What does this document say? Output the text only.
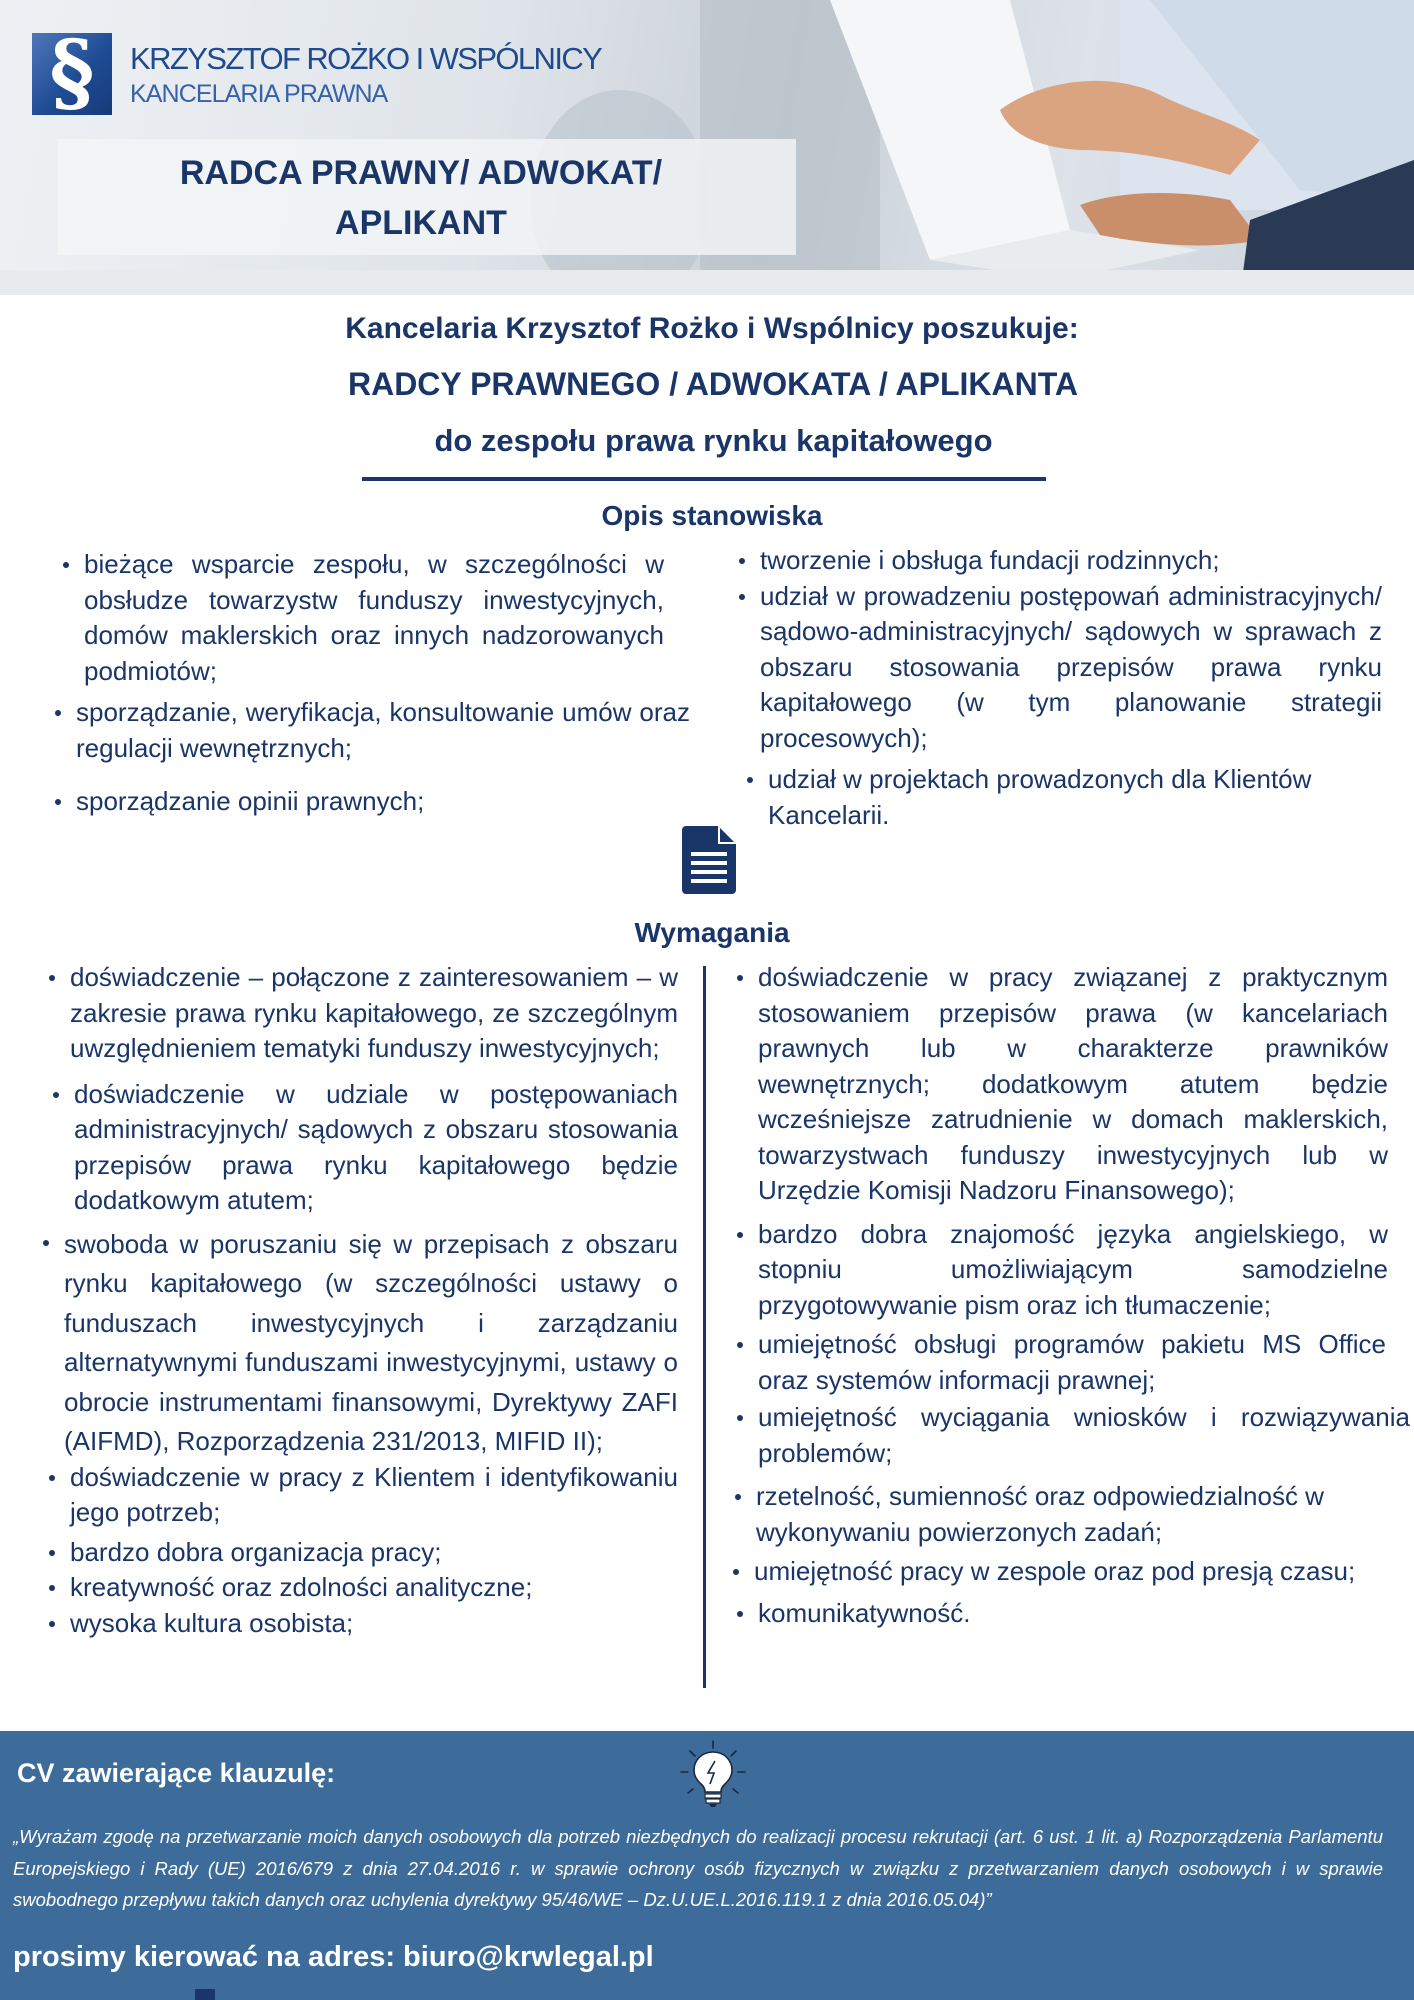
§	KRZYSZTOF ROŻKO I WSPÓLNICY
KANCELARIA PRAWNA
RADCA PRAWNY/ ADWOKAT/
APLIKANT

Kancelaria Krzysztof Rożko i Wspólnicy poszukuje:

RADCY PRAWNEGO / ADWOKATA / APLIKANTA

do zespołu prawa rynku kapitałowego

Opis stanowiska
bieżące wsparcie zespołu, w szczególności w obsłudze towarzystw funduszy inwestycyjnych, domów maklerskich oraz innych nadzorowanych podmiotów;
sporządzanie, weryfikacja, konsultowanie umów oraz regulacji wewnętrznych;
sporządzanie opinii prawnych;
tworzenie i obsługa fundacji rodzinnych;
udział w prowadzeniu postępowań administracyjnych/ sądowo-administracyjnych/ sądowych w sprawach z obszaru stosowania przepisów prawa rynku kapitałowego (w tym planowanie strategii procesowych);
udział w projektach prowadzonych dla Klientów Kancelarii.
Wymagania
doświadczenie – połączone z zainteresowaniem – w zakresie prawa rynku kapitałowego, ze szczególnym uwzględnieniem tematyki funduszy inwestycyjnych;
doświadczenie w udziale w postępowaniach administracyjnych/ sądowych z obszaru stosowania przepisów prawa rynku kapitałowego będzie dodatkowym atutem;
swoboda w poruszaniu się w przepisach z obszaru rynku kapitałowego (w szczególności ustawy o funduszach inwestycyjnych i zarządzaniu alternatywnymi funduszami inwestycyjnymi, ustawy o obrocie instrumentami finansowymi, Dyrektywy ZAFI (AIFMD), Rozporządzenia 231/2013, MIFID II);
doświadczenie w pracy z Klientem i identyfikowaniu jego potrzeb;
bardzo dobra organizacja pracy;
kreatywność oraz zdolności analityczne;
wysoka kultura osobista;
doświadczenie w pracy związanej z praktycznym stosowaniem przepisów prawa (w kancelariach prawnych lub w charakterze prawników wewnętrznych; dodatkowym atutem będzie wcześniejsze zatrudnienie w domach maklerskich, towarzystwach funduszy inwestycyjnych lub w Urzędzie Komisji Nadzoru Finansowego);
bardzo dobra znajomość języka angielskiego, w stopniu umożliwiającym samodzielne przygotowywanie pism oraz ich tłumaczenie;
umiejętność obsługi programów pakietu MS Office oraz systemów informacji prawnej;
umiejętność wyciągania wniosków i rozwiązywania problemów;
rzetelność, sumienność oraz odpowiedzialność w wykonywaniu powierzonych zadań;
umiejętność pracy w zespole oraz pod presją czasu;
komunikatywność.
CV zawierające klauzulę:

„Wyrażam zgodę na przetwarzanie moich danych osobowych dla potrzeb niezbędnych do realizacji procesu rekrutacji (art. 6 ust. 1 lit. a) Rozporządzenia Parlamentu Europejskiego i Rady (UE) 2016/679 z dnia 27.04.2016 r. w sprawie ochrony osób fizycznych w związku z przetwarzaniem danych osobowych i w sprawie swobodnego przepływu takich danych oraz uchylenia dyrektywy 95/46/WE – Dz.U.UE.L.2016.119.1 z dnia 2016.05.04)”

prosimy kierować na adres: biuro@krwlegal.pl
